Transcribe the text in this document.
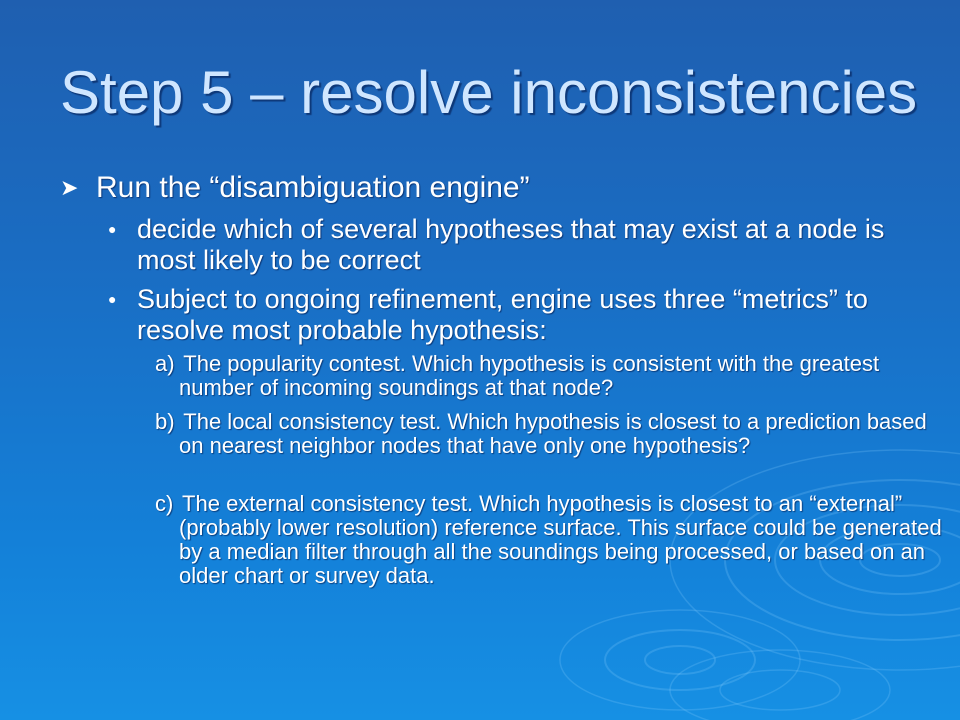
Step 5 – resolve inconsistencies
➤ Run the “disambiguation engine”
● decide which of several hypotheses that may exist at a node is most likely to be correct
● Subject to ongoing refinement, engine uses three “metrics” to resolve most probable hypothesis:
a) The popularity contest. Which hypothesis is consistent with the greatest number of incoming soundings at that node?
b) The local consistency test. Which hypothesis is closest to a prediction based on nearest neighbor nodes that have only one hypothesis?
c) The external consistency test. Which hypothesis is closest to an “external” (probably lower resolution) reference surface. This surface could be generated by a median filter through all the soundings being processed, or based on an older chart or survey data.
